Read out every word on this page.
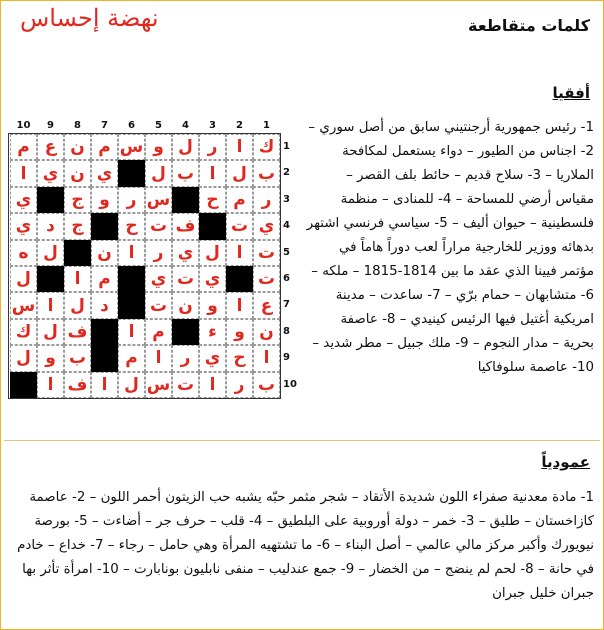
نهضة إحساس	كلمات متقاطعة
أفقيا
1- رئيس جمهورية أرجنتيني سابق من أصل سوري – 2- اجناس من الطيور – دواء يستعمل لمكافحة الملاريا – 3- سلاح قديم – حائط بلف القصر – مقياس أرضي للمساحة – 4- للمنادى – منظمة فلسطينية – حيوان أليف – 5- سياسي فرنسي اشتهر بدهائه ووزير للخارجية مراراً لعب دوراً هاماً في مؤتمر فيينا الذي عقد ما بين 1814-1815 – ملكه – 6- متشابهان – حمام برّي – 7- ساعدت – مدينة امريكية أغتيل فيها الرئيس كينيدي – 8- عاصفة بحرية – مدار النجوم – 9- ملك جبيل – مطر شديد – 10- عاصمة سلوفاكيا
1
2
3
4
5
6
7
8
9
10
1
2
3
4
5
6
7
8
9
10
ك
ا
ر
ل
و
س
م
ن
ع
م
ب
ل
ا
ب
ل
ي
ن
ي
ا
ر
م
ح
س
ر
و
ج
ي
ي
ت
ف
ت
ح
ج
د
ي
ت
ا
ل
ي
ر
ا
ن
ل
ه
ت
ي
ت
ي
م
ا
ل
ع
ا
و
ن
ت
د
ل
ا
س
ن
و
ء
م
ا
ف
ل
ك
ا
ح
ي
ر
ا
م
ب
و
ل
ب
ر
ا
ت
س
ل
ا
ف
ا
عمودياً
1- مادة معدنية صفراء اللون شديدة الأتقاد – شجر مثمر حبّه يشبه حب الزيتون أحمر اللون – 2- عاصمة كازاخستان – طليق – 3- خمر – دولة أوروبية على البلطيق – 4- قلب – حرف جر – أضاءت – 5- بورصة نيويورك وأكبر مركز مالي عالمي – أصل البناء – 6- ما تشتهيه المرأة وهي حامل – رجاء – 7- خداع – خادم في حانة – 8- لحم لم ينضج – من الخضار – 9- جمع عندليب – منفى نابليون بونابارت – 10- امرأة تأثر بها جبران خليل جبران
